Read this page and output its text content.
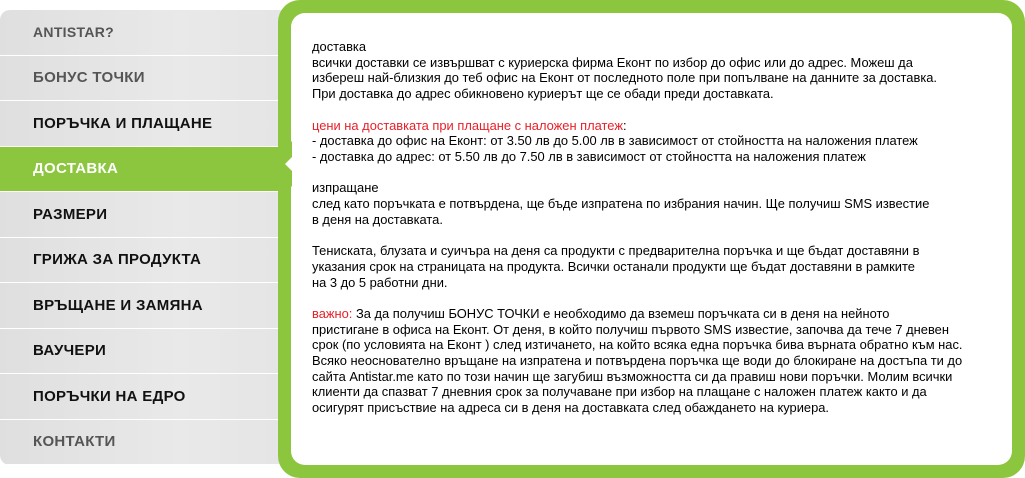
ANTISTAR?
БОНУС ТОЧКИ
ПОРЪЧКА И ПЛАЩАНЕ
ДОСТАВКА
РАЗМЕРИ
ГРИЖА ЗА ПРОДУКТА
ВРЪЩАНЕ И ЗАМЯНА
ВАУЧЕРИ
ПОРЪЧКИ НА ЕДРО
КОНТАКТИ

доставка
всички доставки се извършват с куриерска фирма Еконт по избор до офис или до адрес. Можеш да
избереш най-близкия до теб офис на Еконт от последното поле при попълване на данните за доставка.
При доставка до адрес обикновено куриерът ще се обади преди доставката.

цени на доставката при плащане с наложен платеж:
- доставка до офис на Еконт: от 3.50 лв до 5.00 лв в зависимост от стойността на наложения платеж
- доставка до адрес: от 5.50 лв до 7.50 лв в зависимост от стойността на наложения платеж

изпращане
след като поръчката е потвърдена, ще бъде изпратена по избрания начин. Ще получиш SMS известие
в деня на доставката.

Тениската, блузата и суичъра на деня са продукти с предварителна поръчка и ще бъдат доставяни в
указания срок на страницата на продукта. Всички останали продукти ще бъдат доставяни в рамките
на 3 до 5 работни дни.

важно: За да получиш БОНУС ТОЧКИ е необходимо да вземеш поръчката си в деня на нейното
пристигане в офиса на Еконт. От деня, в който получиш първото SMS известие, започва да тече 7 дневен
срок (по условията на Еконт ) след изтичането, на който всяка една поръчка бива върната обратно към нас.
Всяко неоснователно връщане на изпратена и потвърдена поръчка ще води до блокиране на достъпа ти до
сайта Antistar.me като по този начин ще загубиш възможността си да правиш нови поръчки. Молим всички
клиенти да спазват 7 дневния срок за получаване при избор на плащане с наложен платеж както и да
осигурят присъствие на адреса си в деня на доставката след обаждането на куриера.
